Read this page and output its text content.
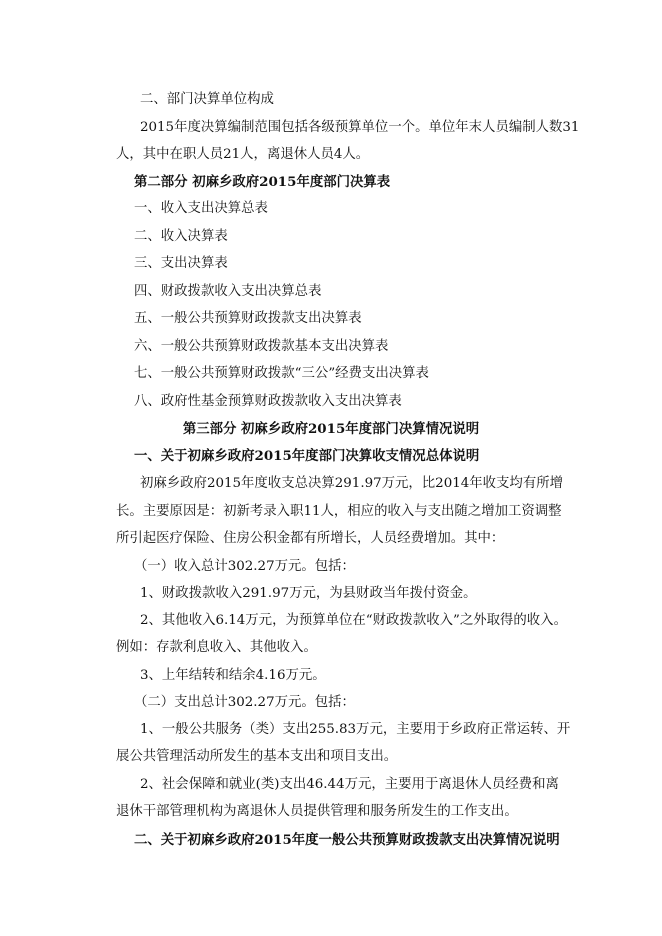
二、部门决算单位构成
2015年度决算编制范围包括各级预算单位一个。单位年末人员编制人数31
人，其中在职人员21人，离退休人员4人。
第二部分 初麻乡政府2015年度部门决算表
一、收入支出决算总表
二、收入决算表
三、支出决算表
四、财政拨款收入支出决算总表
五、一般公共预算财政拨款支出决算表
六、一般公共预算财政拨款基本支出决算表
七、一般公共预算财政拨款“三公”经费支出决算表
八、政府性基金预算财政拨款收入支出决算表
第三部分 初麻乡政府2015年度部门决算情况说明
一、关于初麻乡政府2015年度部门决算收支情况总体说明
初麻乡政府2015年度收支总决算291.97万元，比2014年收支均有所增
长。主要原因是：初新考录入职11人，相应的收入与支出随之增加工资调整
所引起医疗保险、住房公积金都有所增长，人员经费增加。其中：
（一）收入总计302.27万元。包括：
1、财政拨款收入291.97万元，为县财政当年拨付资金。
2、其他收入6.14万元，为预算单位在“财政拨款收入”之外取得的收入。
例如：存款利息收入、其他收入。
3、上年结转和结余4.16万元。
（二）支出总计302.27万元。包括：
1、一般公共服务（类）支出255.83万元，主要用于乡政府正常运转、开
展公共管理活动所发生的基本支出和项目支出。
2、社会保障和就业(类)支出46.44万元，主要用于离退休人员经费和离
退休干部管理机构为离退休人员提供管理和服务所发生的工作支出。
二、关于初麻乡政府2015年度一般公共预算财政拨款支出决算情况说明
